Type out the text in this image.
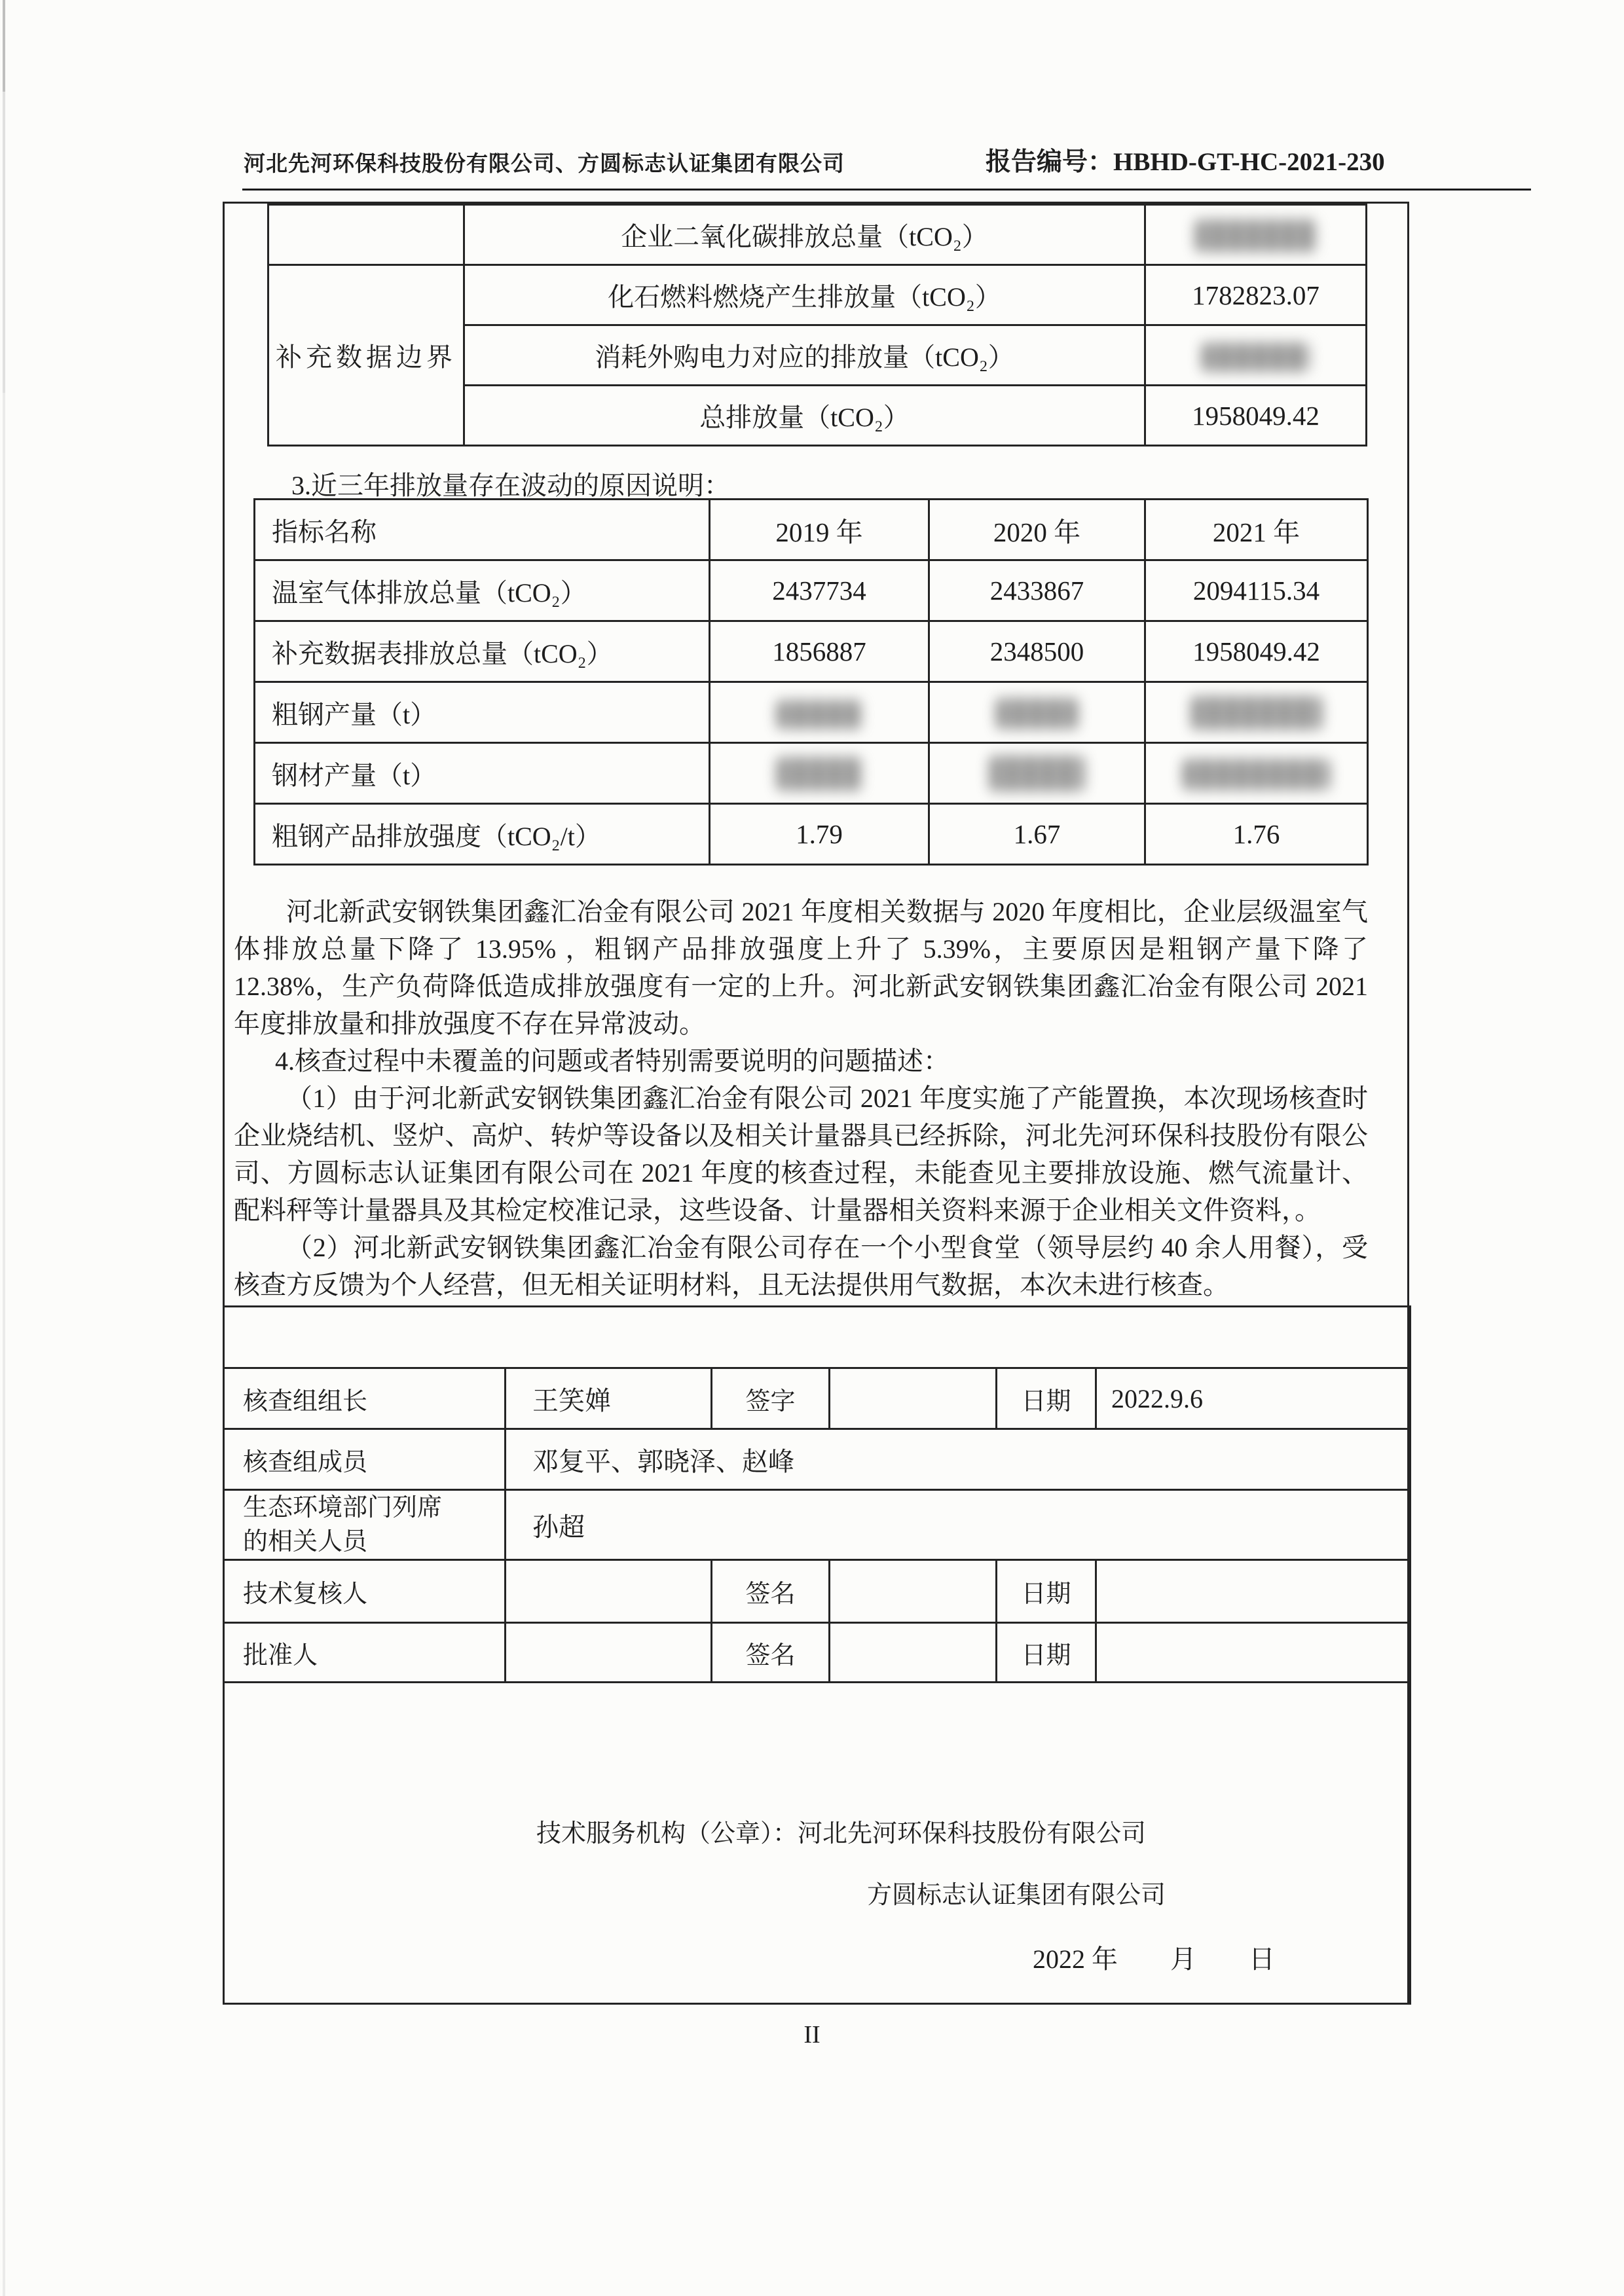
河北先河环保科技股份有限公司、方圆标志认证集团有限公司	报告编号：HBHD-GT-HC-2021-230
	企业二氧化碳排放总量（tCO₂）	
补充数据边界	化石燃料燃烧产生排放量（tCO₂）	1782823.07
	消耗外购电力对应的排放量（tCO₂）	
	总排放量（tCO₂）	1958049.42
3.近三年排放量存在波动的原因说明：
指标名称	2019 年	2020 年	2021 年
温室气体排放总量（tCO₂）	2437734	2433867	2094115.34
补充数据表排放总量（tCO₂）	1856887	2348500	1958049.42
粗钢产量（t）			
钢材产量（t）			
粗钢产品排放强度（tCO₂/t）	1.79	1.67	1.76

河北新武安钢铁集团鑫汇冶金有限公司 2021 年度相关数据与 2020 年度相比，企业层级温室气体排放总量下降了 13.95% ，粗钢产品排放强度上升了 5.39%，主要原因是粗钢产量下降了 12.38%，生产负荷降低造成排放强度有一定的上升。河北新武安钢铁集团鑫汇冶金有限公司 2021 年度排放量和排放强度不存在异常波动。

4.核查过程中未覆盖的问题或者特别需要说明的问题描述：

（1）由于河北新武安钢铁集团鑫汇冶金有限公司 2021 年度实施了产能置换，本次现场核查时企业烧结机、竖炉、高炉、转炉等设备以及相关计量器具已经拆除，河北先河环保科技股份有限公司、方圆标志认证集团有限公司在 2021 年度的核查过程，未能查见主要排放设施、燃气流量计、配料秤等计量器具及其检定校准记录，这些设备、计量器相关资料来源于企业相关文件资料，。

（2）河北新武安钢铁集团鑫汇冶金有限公司存在一个小型食堂（领导层约 40 余人用餐），受核查方反馈为个人经营，但无相关证明材料，且无法提供用气数据，本次未进行核查。

核查组组长	王笑婵	签字		日期	2022.9.6
核查组成员	邓复平、郭晓泽、赵峰				
生态环境部门列席的相关人员	孙超				
技术复核人		签名		日期	
批准人		签名		日期	

技术服务机构（公章）：河北先河环保科技股份有限公司
方圆标志认证集团有限公司
2022 年　　月　　日					
II
